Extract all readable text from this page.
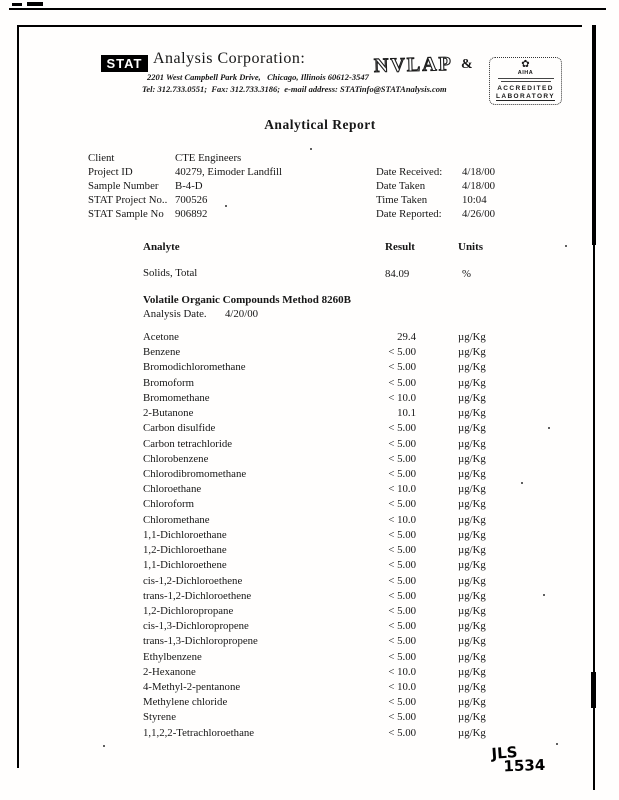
STAT Analysis Corporation:
2201 West Campbell Park Drive,   Chicago, Illinois 60612-3547
Tel: 312.733.0551;  Fax: 312.733.3186;  e-mail address: STATinfo@STATAnalysis.com
NVLAP &	✿
AIHA
ACCREDITED
LABORATORY
Analytical Report
Client	CTE Engineers
Project ID	40279, Eimoder Landfill
Sample Number	B-4-D
STAT Project No.. 700526
STAT Sample No	906892
Date Received:	4/18/00
Date Taken	4/18/00
Time Taken	10:04
Date Reported:	4/26/00
Analyte	Result	Units
Solids, Total	84.09	%
Volatile Organic Compounds Method 8260B
Analysis Date.	4/20/00
Acetone	29.4	µg/Kg
Benzene	< 5.00	µg/Kg
Bromodichloromethane	< 5.00	µg/Kg
Bromoform	< 5.00	µg/Kg
Bromomethane	< 10.0	µg/Kg
2-Butanone	10.1	µg/Kg
Carbon disulfide	< 5.00	µg/Kg
Carbon tetrachloride	< 5.00	µg/Kg
Chlorobenzene	< 5.00	µg/Kg
Chlorodibromomethane	< 5.00	µg/Kg
Chloroethane	< 10.0	µg/Kg
Chloroform	< 5.00	µg/Kg
Chloromethane	< 10.0	µg/Kg
1,1-Dichloroethane	< 5.00	µg/Kg
1,2-Dichloroethane	< 5.00	µg/Kg
1,1-Dichloroethene	< 5.00	µg/Kg
cis-1,2-Dichloroethene	< 5.00	µg/Kg
trans-1,2-Dichloroethene	< 5.00	µg/Kg
1,2-Dichloropropane	< 5.00	µg/Kg
cis-1,3-Dichloropropene	< 5.00	µg/Kg
trans-1,3-Dichloropropene	< 5.00	µg/Kg
Ethylbenzene	< 5.00	µg/Kg
2-Hexanone	< 10.0	µg/Kg
4-Methyl-2-pentanone	< 10.0	µg/Kg
Methylene chloride	< 5.00	µg/Kg
Styrene	< 5.00	µg/Kg
1,1,2,2-Tetrachloroethane	< 5.00	µg/Kg
JLS
1534
